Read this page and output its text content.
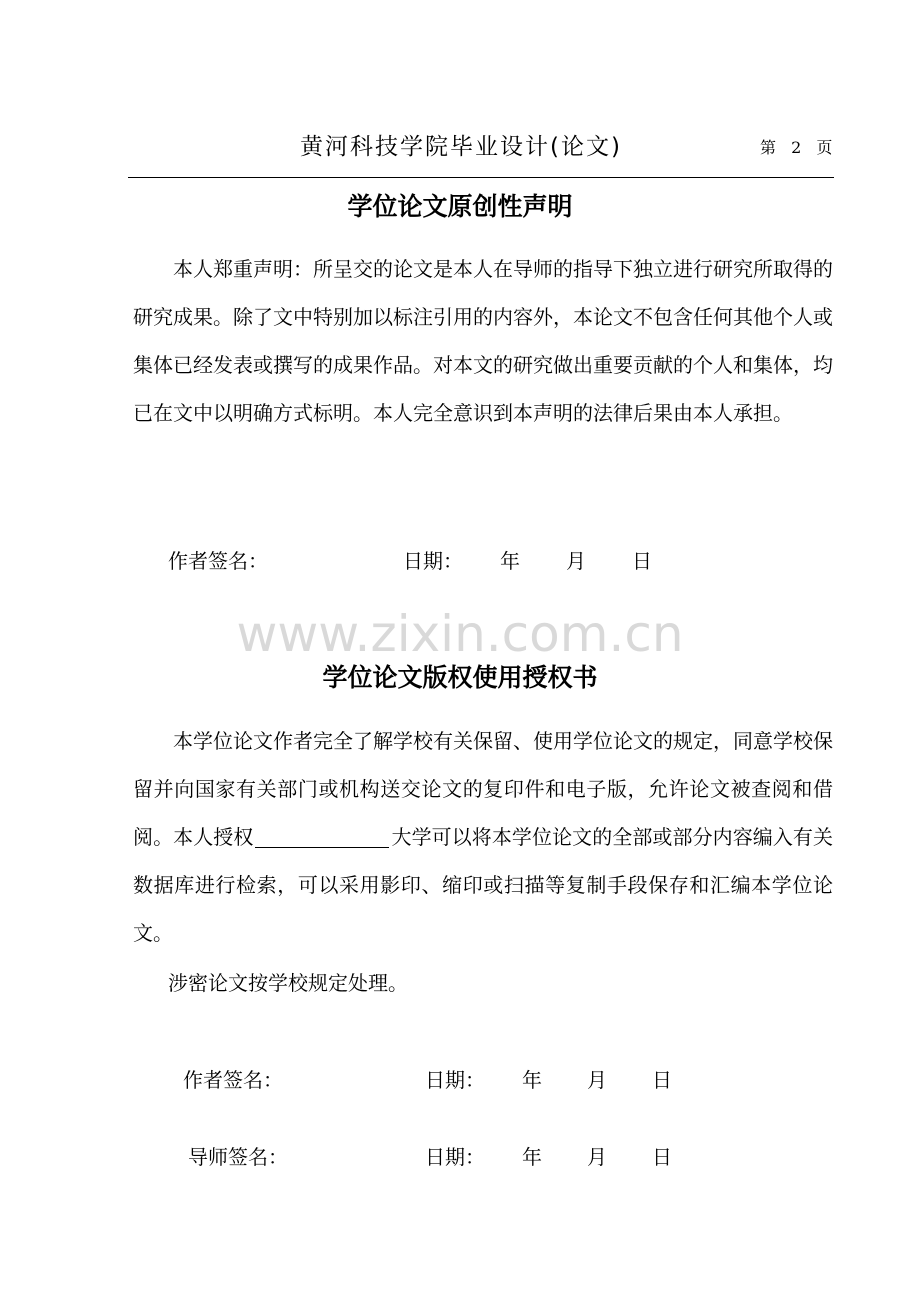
黄河科技学院毕业设计(论文)	第 2 页
学位论文原创性声明
本人郑重声明：所呈交的论文是本人在导师的指导下独立进行研究所取得的研究成果。除了文中特别加以标注引用的内容外，本论文不包含任何其他个人或集体已经发表或撰写的成果作品。对本文的研究做出重要贡献的个人和集体，均已在文中以明确方式标明。本人完全意识到本声明的法律后果由本人承担。
作者签名：	日期： 年 月 日
www.zixin.com.cn
学位论文版权使用授权书
本学位论文作者完全了解学校有关保留、使用学位论文的规定，同意学校保留并向国家有关部门或机构送交论文的复印件和电子版，允许论文被查阅和借阅。本人授权	大学可以将本学位论文的全部或部分内容编入有关数据库进行检索，可以采用影印、缩印或扫描等复制手段保存和汇编本学位论文。
涉密论文按学校规定处理。
作者签名：	日期： 年 月 日
导师签名：	日期： 年 月 日
